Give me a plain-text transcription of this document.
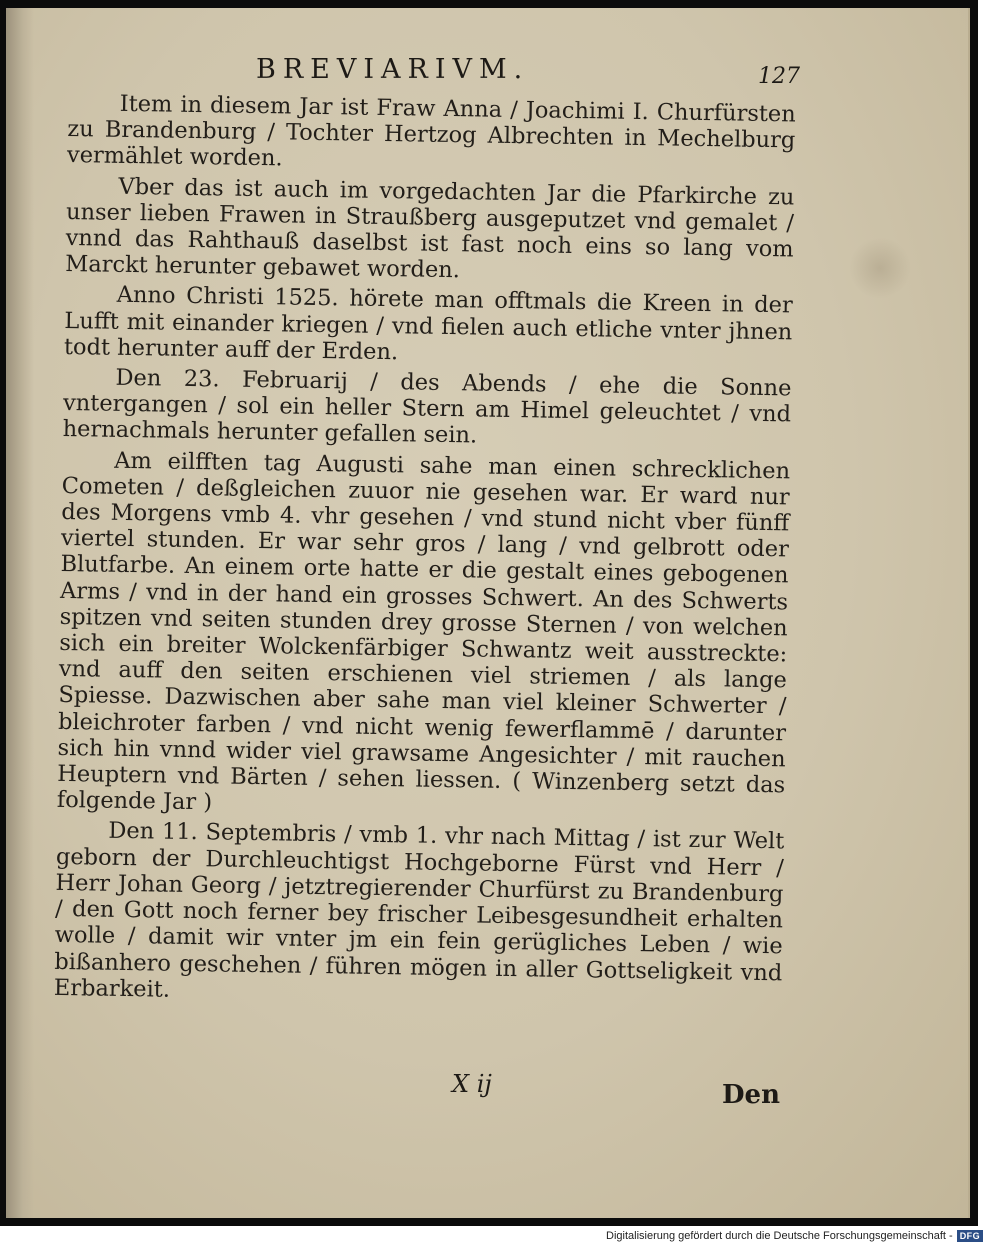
BREVIARIVM.	127

Item in diesem Jar ist Fraw Anna / Joachimi I. Churfürsten zu Brandenburg / Tochter Hertzog Albrechten in Mechelburg vermählet worden.

Vber das ist auch im vorgedachten Jar die Pfarkirche zu unser lieben Frawen in Straußberg ausgeputzet vnd gemalet / vnnd das Rahthauß daselbst ist fast noch eins so lang vom Marckt herunter gebawet worden.

Anno Christi 1525. hörete man offtmals die Kreen in der Lufft mit einander kriegen / vnd fielen auch etliche vnter jhnen todt herunter auff der Erden.

Den 23. Februarij / des Abends / ehe die Sonne vntergangen / sol ein heller Stern am Himel geleuchtet / vnd hernachmals herunter gefallen sein.

Am eilfften tag Augusti sahe man einen schrecklichen Cometen / deßgleichen zuuor nie gesehen war. Er ward nur des Morgens vmb 4. vhr gesehen / vnd stund nicht vber fünff viertel stunden. Er war sehr gros / lang / vnd gelbrott oder Blutfarbe. An einem orte hatte er die gestalt eines gebogenen Arms / vnd in der hand ein grosses Schwert. An des Schwerts spitzen vnd seiten stunden drey grosse Sternen / von welchen sich ein breiter Wolckenfärbiger Schwantz weit ausstreckte: vnd auff den seiten erschienen viel striemen / als lange Spiesse. Dazwischen aber sahe man viel kleiner Schwerter / bleichroter farben / vnd nicht wenig fewerflammē / darunter sich hin vnnd wider viel grawsame Angesichter / mit rauchen Heuptern vnd Bärten / sehen liessen. ( Winzenberg setzt das folgende Jar )

Den 11. Septembris / vmb 1. vhr nach Mittag / ist zur Welt geborn der Durchleuchtigst Hochgeborne Fürst vnd Herr / Herr Johan Georg / jetztregierender Churfürst zu Brandenburg / den Gott noch ferner bey frischer Leibesgesundheit erhalten wolle / damit wir vnter jm ein fein gerügliches Leben / wie bißanhero geschehen / führen mögen in aller Gottseligkeit vnd Erbarkeit.

X ij	Den
Digitalisierung gefördert durch die Deutsche Forschungsgemeinschaft - DFG
